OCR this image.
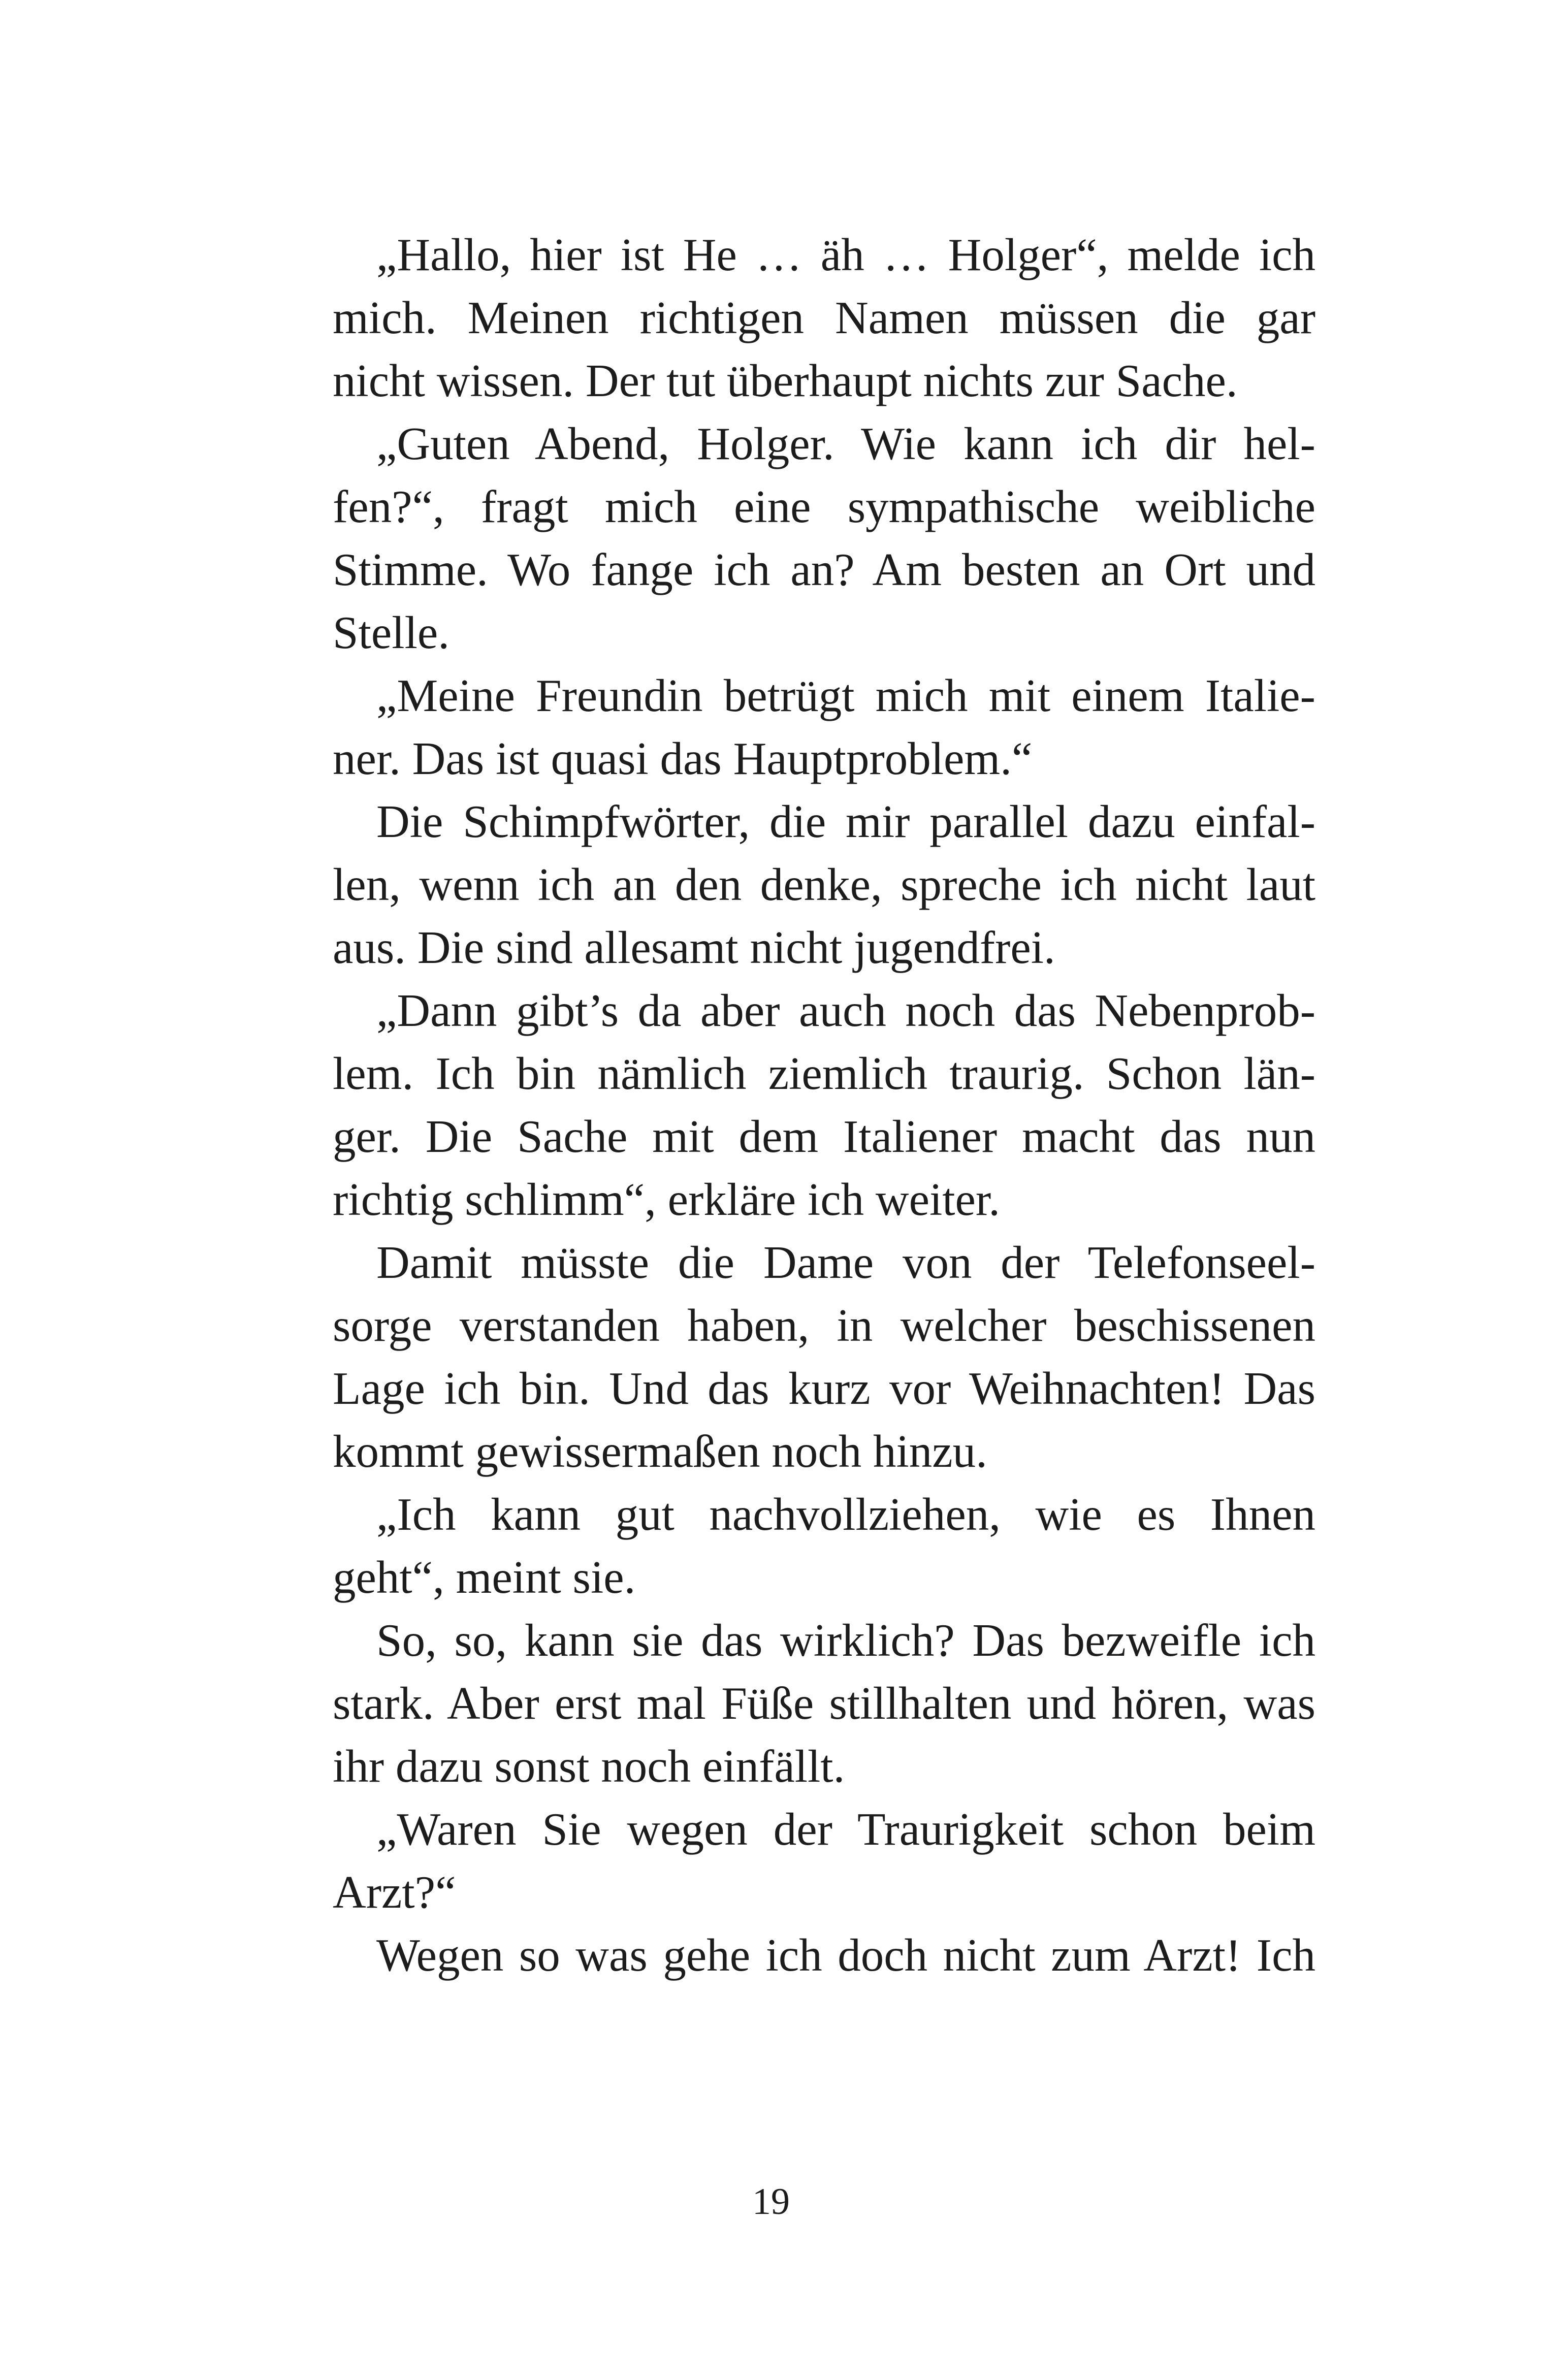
„Hallo, hier ist He … äh … Holger“, melde ich
mich. Meinen richtigen Namen müssen die gar
nicht wissen. Der tut überhaupt nichts zur Sache.
„Guten Abend, Holger. Wie kann ich dir hel-
fen?“, fragt mich eine sympathische weibliche
Stimme. Wo fange ich an? Am besten an Ort und
Stelle.
„Meine Freundin betrügt mich mit einem Italie-
ner. Das ist quasi das Hauptproblem.“
Die Schimpfwörter, die mir parallel dazu einfal-
len, wenn ich an den denke, spreche ich nicht laut
aus. Die sind allesamt nicht jugendfrei.
„Dann gibt’s da aber auch noch das Nebenprob-
lem. Ich bin nämlich ziemlich traurig. Schon län-
ger. Die Sache mit dem Italiener macht das nun
richtig schlimm“, erkläre ich weiter.
Damit müsste die Dame von der Telefonseel-
sorge verstanden haben, in welcher beschissenen
Lage ich bin. Und das kurz vor Weihnachten! Das
kommt gewissermaßen noch hinzu.
„Ich kann gut nachvollziehen, wie es Ihnen
geht“, meint sie.
So, so, kann sie das wirklich? Das bezweifle ich
stark. Aber erst mal Füße stillhalten und hören, was
ihr dazu sonst noch einfällt.
„Waren Sie wegen der Traurigkeit schon beim
Arzt?“
Wegen so was gehe ich doch nicht zum Arzt! Ich
19
